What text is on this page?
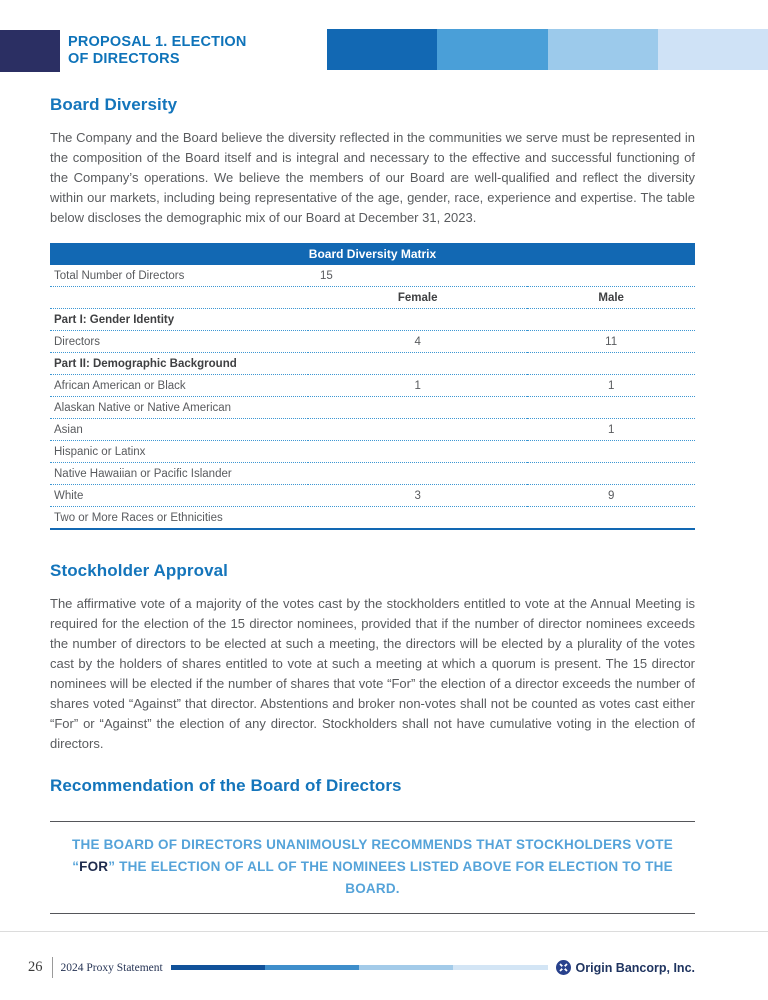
PROPOSAL 1. ELECTION
OF DIRECTORS
Board Diversity

The Company and the Board believe the diversity reflected in the communities we serve must be represented in the composition of the Board itself and is integral and necessary to the effective and successful functioning of the Company’s operations. We believe the members of our Board are well-qualified and reflect the diversity within our markets, including being representative of the age, gender, race, experience and expertise. The table below discloses the demographic mix of our Board at December 31, 2023.

Board Diversity Matrix
Total Number of Directors	15	
	Female	Male
Part I: Gender Identity		
Directors	4	11
Part II: Demographic Background		
African American or Black	1	1
Alaskan Native or Native American		
Asian		1
Hispanic or Latinx		
Native Hawaiian or Pacific Islander		
White	3	9
Two or More Races or Ethnicities		
Stockholder Approval

The affirmative vote of a majority of the votes cast by the stockholders entitled to vote at the Annual Meeting is required for the election of the 15 director nominees, provided that if the number of director nominees exceeds the number of directors to be elected at such a meeting, the directors will be elected by a plurality of the votes cast by the holders of shares entitled to vote at such a meeting at which a quorum is present. The 15 director nominees will be elected if the number of shares that vote “For” the election of a director exceeds the number of shares voted “Against” that director. Abstentions and broker non-votes shall not be counted as votes cast either “For” or “Against” the election of any director. Stockholders shall not have cumulative voting in the election of directors.

Recommendation of the Board of Directors

THE BOARD OF DIRECTORS UNANIMOUSLY RECOMMENDS THAT STOCKHOLDERS VOTE “FOR” THE ELECTION OF ALL OF THE NOMINEES LISTED ABOVE FOR ELECTION TO THE BOARD.

26 2024 Proxy Statement	Origin Bancorp, Inc.
